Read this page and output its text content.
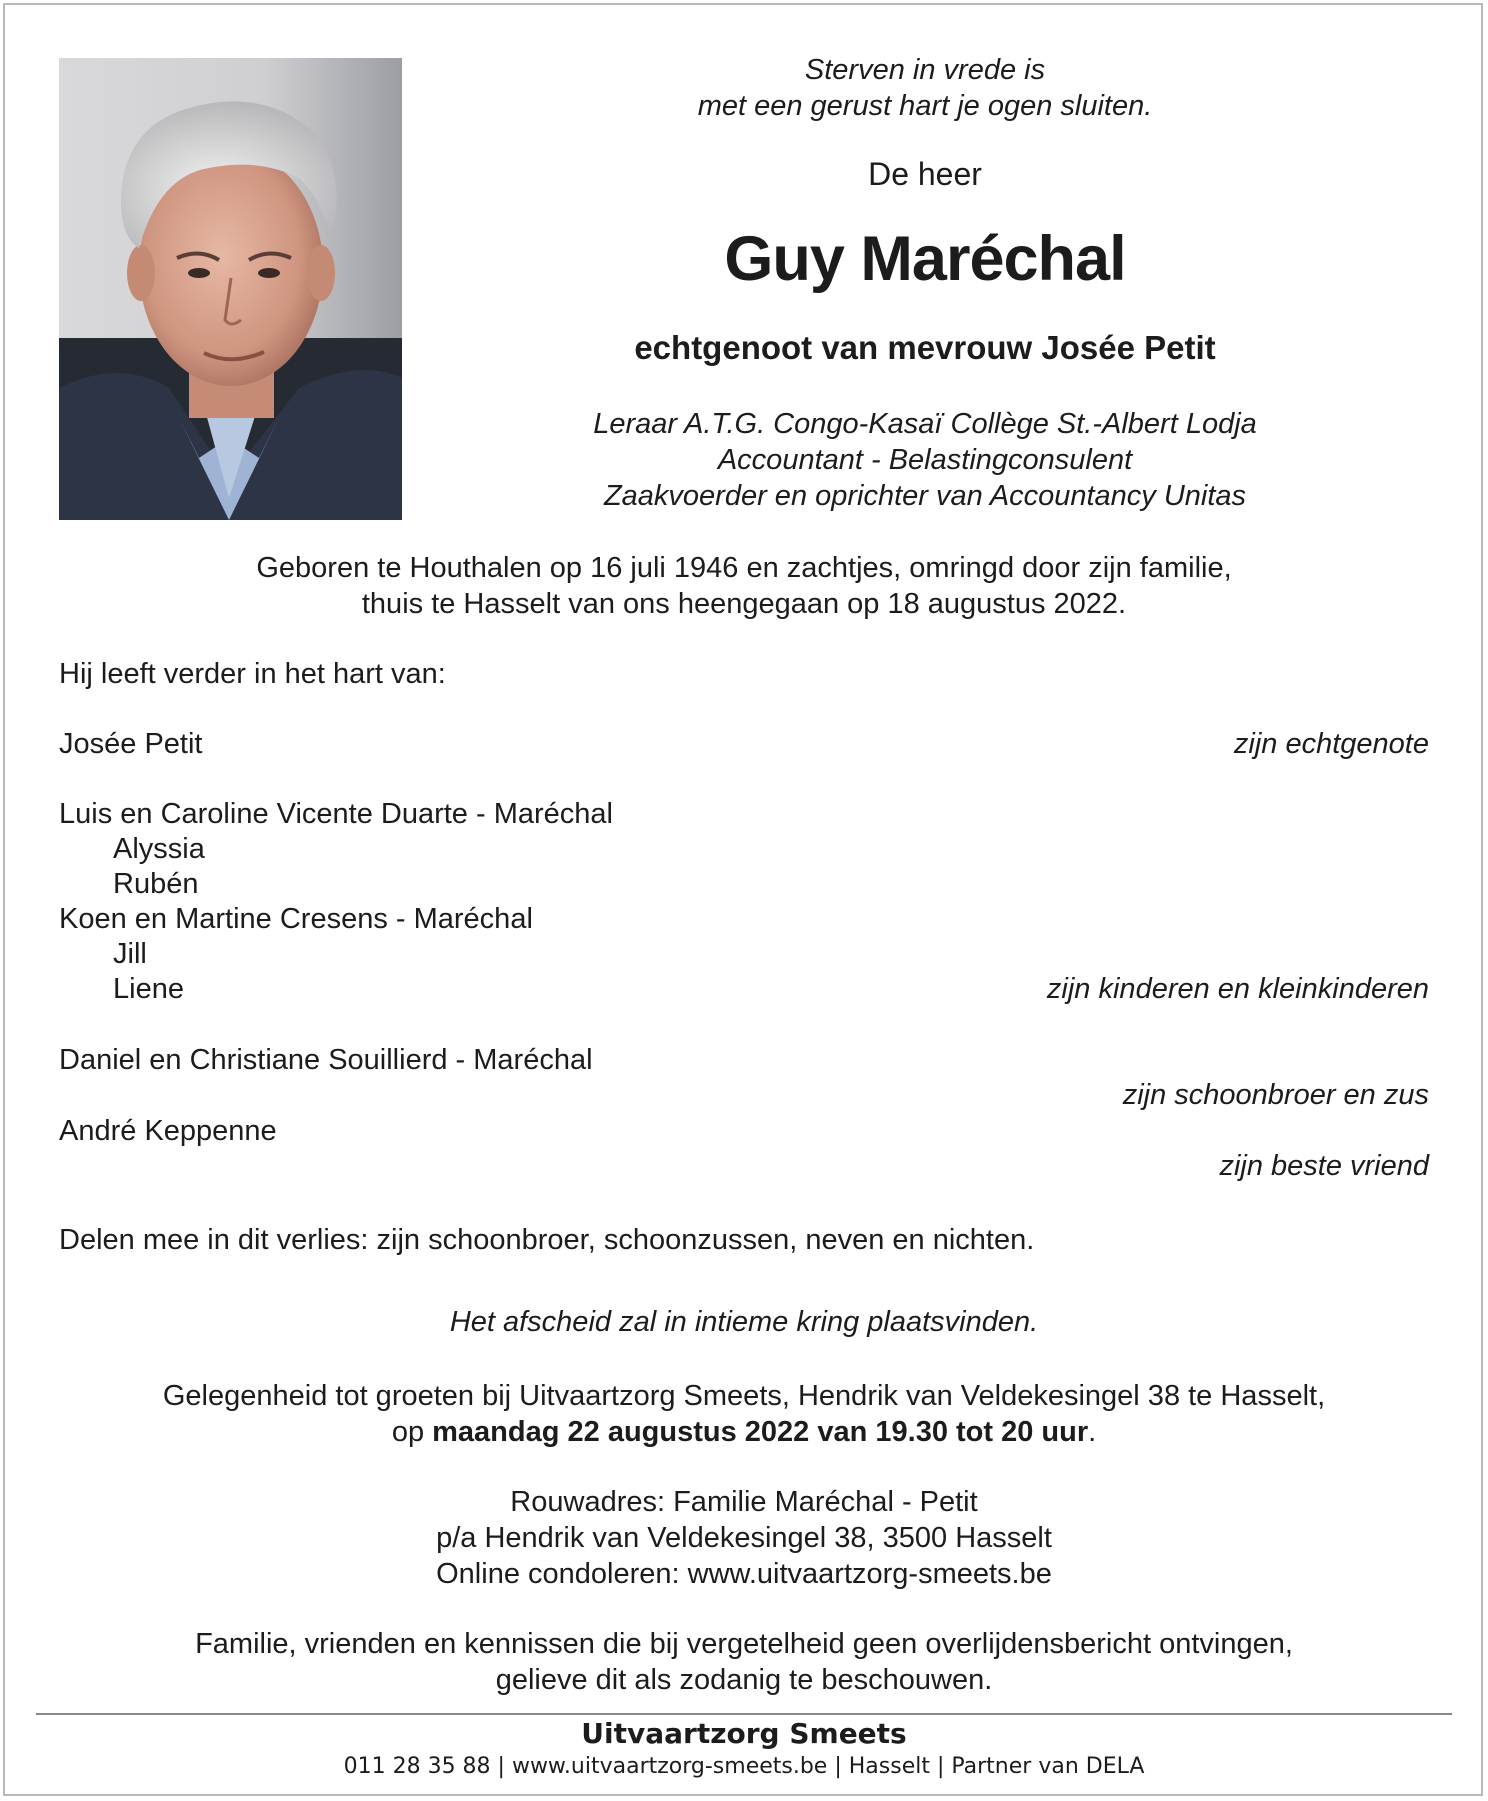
Sterven in vrede is
met een gerust hart je ogen sluiten.
De heer
Guy Maréchal
echtgenoot van mevrouw Josée Petit
Leraar A.T.G. Congo-Kasaï Collège St.-Albert Lodja
Accountant - Belastingconsulent
Zaakvoerder en oprichter van Accountancy Unitas
Geboren te Houthalen op 16 juli 1946 en zachtjes, omringd door zijn familie,
thuis te Hasselt van ons heengegaan op 18 augustus 2022.
Hij leeft verder in het hart van:
Josée Petit	zijn echtgenote
Luis en Caroline Vicente Duarte - Maréchal
Alyssia
Rubén
Koen en Martine Cresens - Maréchal
Jill
Liene	zijn kinderen en kleinkinderen
Daniel en Christiane Souillierd - Maréchal
zijn schoonbroer en zus
André Keppenne
zijn beste vriend
Delen mee in dit verlies: zijn schoonbroer, schoonzussen, neven en nichten.
Het afscheid zal in intieme kring plaatsvinden.
Gelegenheid tot groeten bij Uitvaartzorg Smeets, Hendrik van Veldekesingel 38 te Hasselt,
op maandag 22 augustus 2022 van 19.30 tot 20 uur.
Rouwadres: Familie Maréchal - Petit
p/a Hendrik van Veldekesingel 38, 3500 Hasselt
Online condoleren: www.uitvaartzorg-smeets.be
Familie, vrienden en kennissen die bij vergetelheid geen overlijdensbericht ontvingen,
gelieve dit als zodanig te beschouwen.
Uitvaartzorg Smeets
011 28 35 88 | www.uitvaartzorg-smeets.be | Hasselt | Partner van DELA
